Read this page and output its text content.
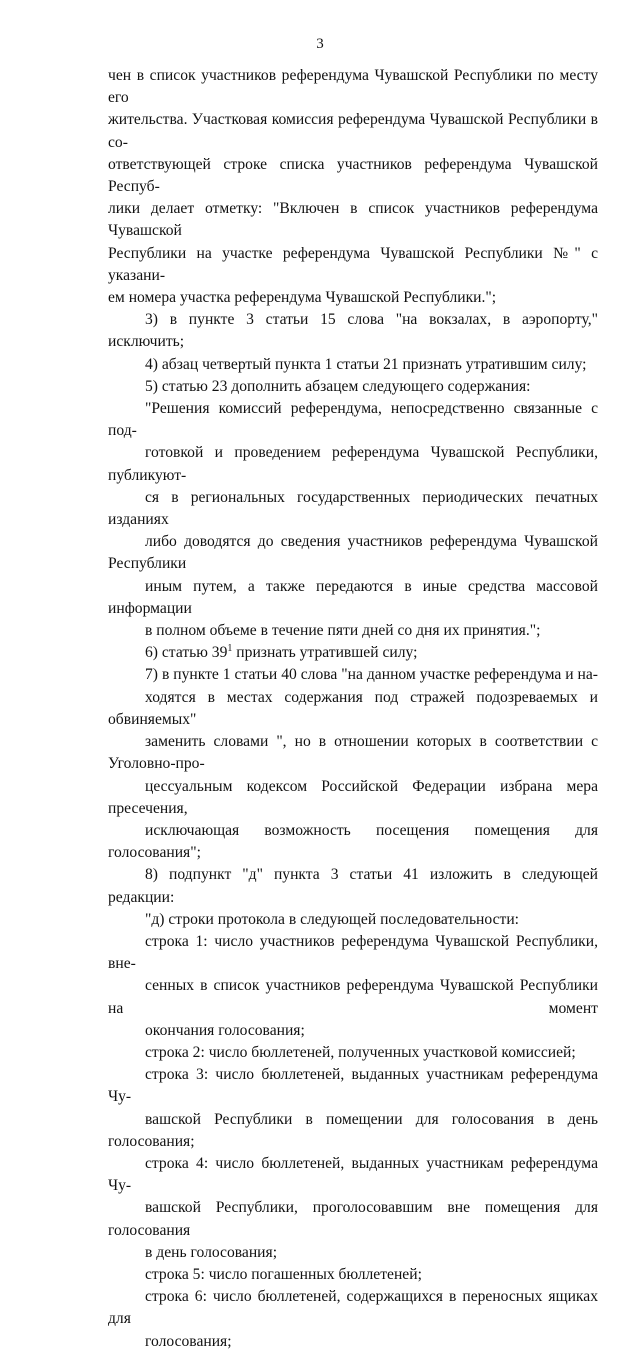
3
чен в список участников референдума Чувашской Республики по месту его
жительства. Участковая комиссия референдума Чувашской Республики в со-
ответствующей строке списка участников референдума Чувашской Респуб-
лики делает отметку: "Включен в список участников референдума Чувашской
Республики на участке референдума Чувашской Республики №" с указани-
ем номера участка референдума Чувашской Республики.";
3) в пункте 3 статьи 15 слова "на вокзалах, в аэропорту," исключить;
4) абзац четвертый пункта 1 статьи 21 признать утратившим силу;
5) статью 23 дополнить абзацем следующего содержания:
"Решения комиссий референдума, непосредственно связанные с под-
готовкой и проведением референдума Чувашской Республики, публикуют-
ся в региональных государственных периодических печатных изданиях
либо доводятся до сведения участников референдума Чувашской Республики
иным путем, а также передаются в иные средства массовой информации
в полном объеме в течение пяти дней со дня их принятия.";
6) статью $39^1$ признать утратившей силу;
7) в пункте 1 статьи 40 слова "на данном участке референдума и на-
ходятся в местах содержания под стражей подозреваемых и обвиняемых"
заменить словами ", но в отношении которых в соответствии с Уголовно-про-
цессуальным кодексом Российской Федерации избрана мера пресечения,
исключающая возможность посещения помещения для голосования";
8) подпункт "д" пункта 3 статьи 41 изложить в следующей редакции:
"д) строки протокола в следующей последовательности:
строка 1: число участников референдума Чувашской Республики, вне-
сенных в список участников референдума Чувашской Республики на момент
окончания голосования;
строка 2: число бюллетеней, полученных участковой комиссией;
строка 3: число бюллетеней, выданных участникам референдума Чу-
вашской Республики в помещении для голосования в день голосования;
строка 4: число бюллетеней, выданных участникам референдума Чу-
вашской Республики, проголосовавшим вне помещения для голосования
в день голосования;
строка 5: число погашенных бюллетеней;
строка 6: число бюллетеней, содержащихся в переносных ящиках для
голосования;
